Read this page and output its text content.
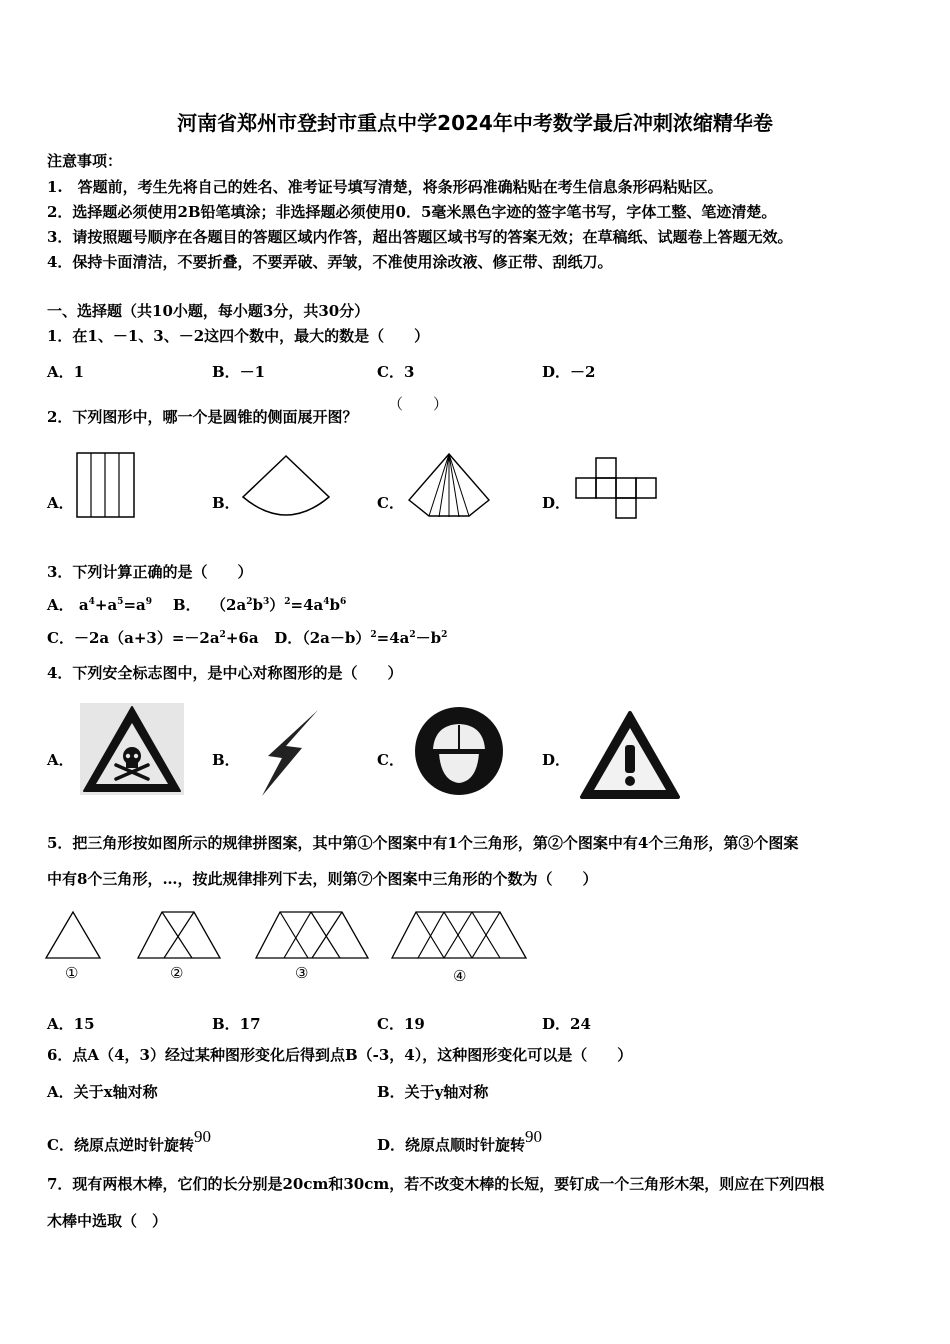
河南省郑州市登封市重点中学2024年中考数学最后冲刺浓缩精华卷
注意事项：
1.　答题前，考生先将自己的姓名、准考证号填写清楚，将条形码准确粘贴在考生信息条形码粘贴区。
2．选择题必须使用2B铅笔填涂；非选择题必须使用0．5毫米黑色字迹的签字笔书写，字体工整、笔迹清楚。
3．请按照题号顺序在各题目的答题区域内作答，超出答题区域书写的答案无效；在草稿纸、试题卷上答题无效。
4．保持卡面清洁，不要折叠，不要弄破、弄皱，不准使用涂改液、修正带、刮纸刀。
一、选择题（共10小题，每小题3分，共30分）
1．在1、－1、3、－2这四个数中，最大的数是（　　）
A．1	B．－1	C．3	D．－2
2．下列图形中，哪一个是圆锥的侧面展开图？
（　　）
A．	B．	C．	D．
3．下列计算正确的是（　　）
A． $a^4+a^5=a^9$ B． $(2a^2b^3)^2=4a^4b^6$
C．$-2a(a+3)=-2a^2+6a$ D．$(2a-b)^2=4a^2-b^2$
4．下列安全标志图中，是中心对称图形的是（　　）
A．	B．	C．	D．
5．把三角形按如图所示的规律拼图案，其中第①个图案中有1个三角形，第②个图案中有4个三角形，第③个图案
中有8个三角形，…，按此规律排列下去，则第⑦个图案中三角形的个数为（　　）
①	②	③	④
A．15	B．17	C．19	D．24
6．点A（4，3）经过某种图形变化后得到点B（-3，4），这种图形变化可以是（　　）
A．关于x轴对称	B．关于y轴对称
C．绕原点逆时针旋转90	D．绕原点顺时针旋转90
7．现有两根木棒，它们的长分别是20cm和30cm，若不改变木棒的长短，要钉成一个三角形木架，则应在下列四根
木棒中选取（　）
